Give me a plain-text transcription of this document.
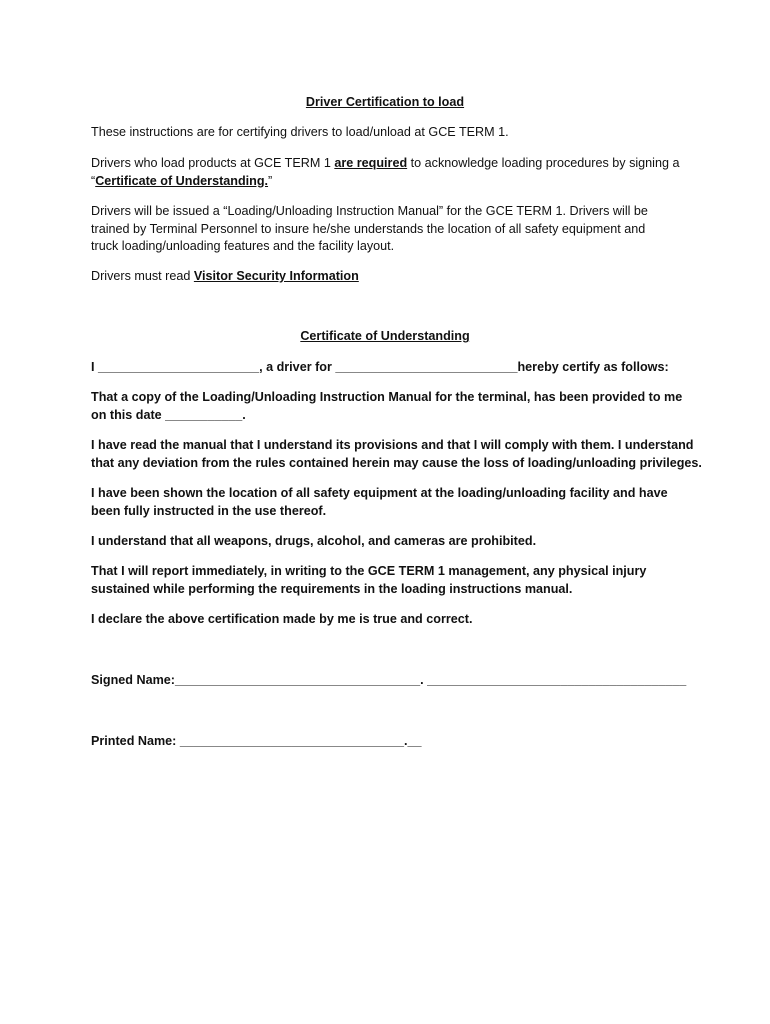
Driver Certification to load
These instructions are for certifying drivers to load/unload at GCE TERM 1.
Drivers who load products at GCE TERM 1 are required to acknowledge loading procedures by signing a
“Certificate of Understanding.”
Drivers will be issued a “Loading/Unloading Instruction Manual” for the GCE TERM 1. Drivers will be
trained by Terminal Personnel to insure he/she understands the location of all safety equipment and
truck loading/unloading features and the facility layout.
Drivers must read Visitor Security Information
Certificate of Understanding
I _______________________, a driver for __________________________hereby certify as follows:
That a copy of the Loading/Unloading Instruction Manual for the terminal, has been provided to me
on this date ___________.
I have read the manual that I understand its provisions and that I will comply with them. I understand
that any deviation from the rules contained herein may cause the loss of loading/unloading privileges.
I have been shown the location of all safety equipment at the loading/unloading facility and have
been fully instructed in the use thereof.
I understand that all weapons, drugs, alcohol, and cameras are prohibited.
That I will report immediately, in writing to the GCE TERM 1 management, any physical injury
sustained while performing the requirements in the loading instructions manual.
I declare the above certification made by me is true and correct.
Signed Name:___________________________________. _____________________________________
Printed Name: ________________________________.__
